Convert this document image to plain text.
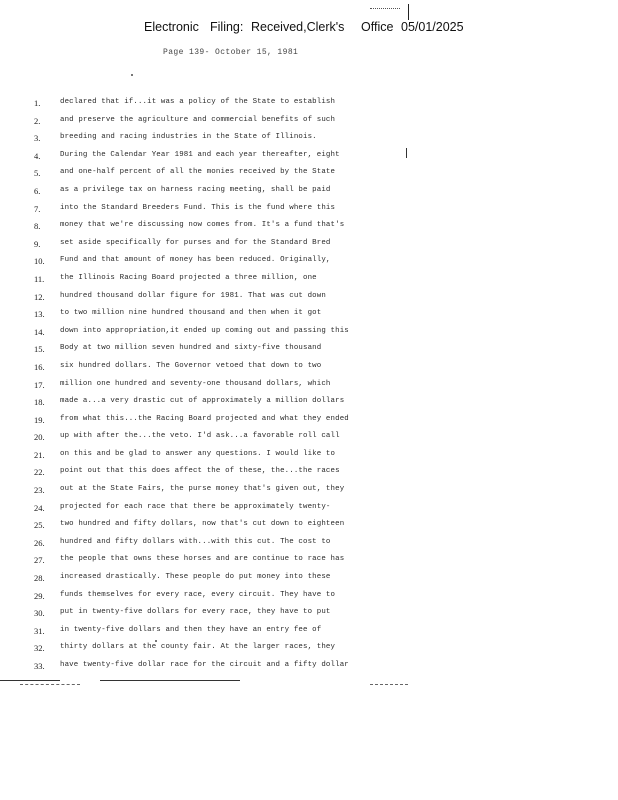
Electronic Filing: Received,Clerk's Office 05/01/2025
Page 139- October 15, 1981
1.	declared that if...it was a policy of the State to establish
2.	and preserve the agriculture and commercial benefits of such
3.	breeding and racing industries in the State of Illinois.
4.	During the Calendar Year 1981 and each year thereafter, eight
5.	and one-half percent of all the monies received by the State
6.	as a privilege tax on harness racing meeting, shall be paid
7.	into the Standard Breeders Fund. This is the fund where this
8.	money that we're discussing now comes from. It's a fund that's
9.	set aside specifically for purses and for the Standard Bred
10. Fund and that amount of money has been reduced. Originally,
11. the Illinois Racing Board projected a three million, one
12. hundred thousand dollar figure for 1981. That was cut down
13. to two million nine hundred thousand and then when it got
14. down into appropriation,it ended up coming out and passing this
15. Body at two million seven hundred and sixty-five thousand
16. six hundred dollars. The Governor vetoed that down to two
17. million one hundred and seventy-one thousand dollars, which
18. made a...a very drastic cut of approximately a million dollars
19. from what this...the Racing Board projected and what they ended
20. up with after the...the veto. I'd ask...a favorable roll call
21. on this and be glad to answer any questions. I would like to
22. point out that this does affect the of these, the...the races
23. out at the State Fairs, the purse money that's given out, they
24. projected for each race that there be approximately twenty-
25. two hundred and fifty dollars, now that's cut down to eighteen
26. hundred and fifty dollars with...with this cut. The cost to
27. the people that owns these horses and are continue to race has
28. increased drastically. These people do put money into these
29. funds themselves for every race, every circuit. They have to
30. put in twenty-five dollars for every race, they have to put
31. in twenty-five dollars and then they have an entry fee of
32. thirty dollars at the county fair. At the larger races, they
33. have twenty-five dollar race for the circuit and a fifty dollar
